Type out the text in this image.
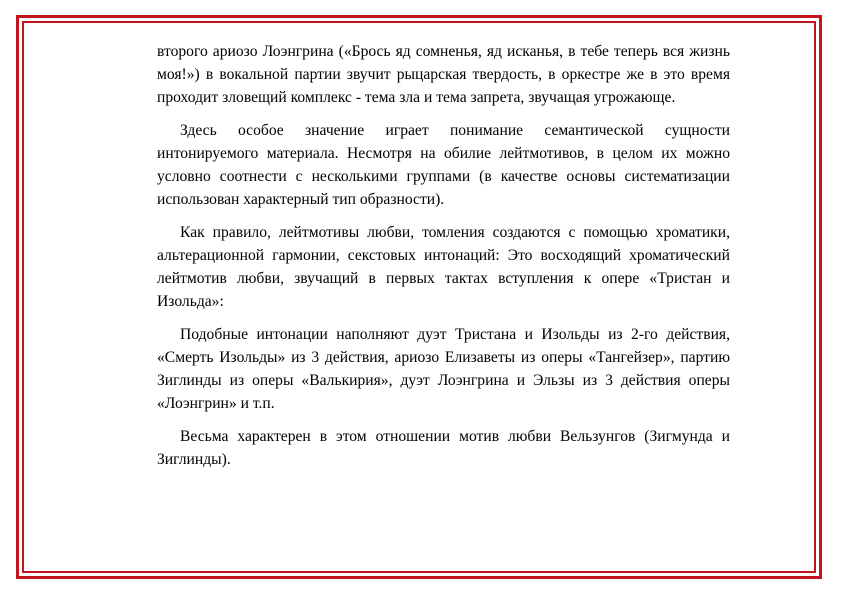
второго ариозо Лоэнгрина («Брось яд сомненья, яд исканья, в тебе теперь вся жизнь моя!») в вокальной партии звучит рыцарская твердость, в оркестре же в это время проходит зловещий комплекс - тема зла и тема запрета, звучащая угрожающе.

Здесь особое значение играет понимание семантической сущности интонируемого материала. Несмотря на обилие лейтмотивов, в целом их можно условно соотнести с несколькими группами (в качестве основы систематизации использован характерный тип образности).

Как правило, лейтмотивы любви, томления создаются с помощью хроматики, альтерационной гармонии, секстовых интонаций: Это восходящий хроматический лейтмотив любви, звучащий в первых тактах вступления к опере «Тристан и Изольда»:

Подобные интонации наполняют дуэт Тристана и Изольды из 2-го действия, «Смерть Изольды» из 3 действия, ариозо Елизаветы из оперы «Тангейзер», партию Зиглинды из оперы «Валькирия», дуэт Лоэнгрина и Эльзы из 3 действия оперы «Лоэнгрин» и т.п.

Весьма характерен в этом отношении мотив любви Вельзунгов (Зигмунда и Зиглинды).
